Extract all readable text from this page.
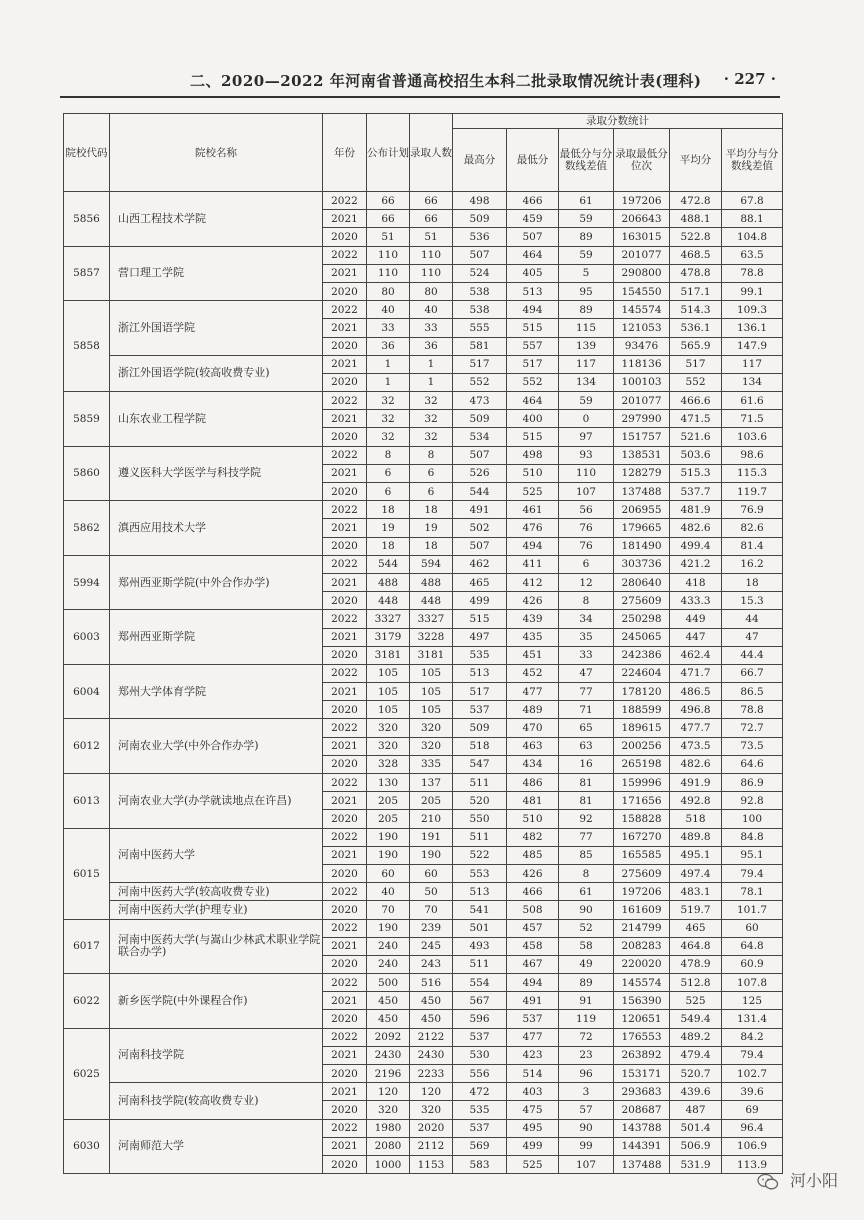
二、2020—2022 年河南省普通高校招生本科二批录取情况统计表(理科) · 227 ·
院校代码	院校名称	年份	公布计划	录取人数	录取分数统计					
					最高分	最低分	最低分与分数线差值	录取最低分位次	平均分	平均分与分数线差值
5856	山西工程技术学院	2022	66	66	498	466	61	197206	472.8	67.8
		2021	66	66	509	459	59	206643	488.1	88.1
		2020	51	51	536	507	89	163015	522.8	104.8
5857	营口理工学院	2022	110	110	507	464	59	201077	468.5	63.5
		2021	110	110	524	405	5	290800	478.8	78.8
		2020	80	80	538	513	95	154550	517.1	99.1
5858	浙江外国语学院	2022	40	40	538	494	89	145574	514.3	109.3
		2021	33	33	555	515	115	121053	536.1	136.1
		2020	36	36	581	557	139	93476	565.9	147.9
	浙江外国语学院(较高收费专业)	2021	1	1	517	517	117	118136	517	117
		2020	1	1	552	552	134	100103	552	134
5859	山东农业工程学院	2022	32	32	473	464	59	201077	466.6	61.6
		2021	32	32	509	400	0	297990	471.5	71.5
		2020	32	32	534	515	97	151757	521.6	103.6
5860	遵义医科大学医学与科技学院	2022	8	8	507	498	93	138531	503.6	98.6
		2021	6	6	526	510	110	128279	515.3	115.3
		2020	6	6	544	525	107	137488	537.7	119.7
5862	滇西应用技术大学	2022	18	18	491	461	56	206955	481.9	76.9
		2021	19	19	502	476	76	179665	482.6	82.6
		2020	18	18	507	494	76	181490	499.4	81.4
5994	郑州西亚斯学院(中外合作办学)	2022	544	594	462	411	6	303736	421.2	16.2
		2021	488	488	465	412	12	280640	418	18
		2020	448	448	499	426	8	275609	433.3	15.3
6003	郑州西亚斯学院	2022	3327	3327	515	439	34	250298	449	44
		2021	3179	3228	497	435	35	245065	447	47
		2020	3181	3181	535	451	33	242386	462.4	44.4
6004	郑州大学体育学院	2022	105	105	513	452	47	224604	471.7	66.7
		2021	105	105	517	477	77	178120	486.5	86.5
		2020	105	105	537	489	71	188599	496.8	78.8
6012	河南农业大学(中外合作办学)	2022	320	320	509	470	65	189615	477.7	72.7
		2021	320	320	518	463	63	200256	473.5	73.5
		2020	328	335	547	434	16	265198	482.6	64.6
6013	河南农业大学(办学就读地点在许昌)	2022	130	137	511	486	81	159996	491.9	86.9
		2021	205	205	520	481	81	171656	492.8	92.8
		2020	205	210	550	510	92	158828	518	100
6015	河南中医药大学	2022	190	191	511	482	77	167270	489.8	84.8
		2021	190	190	522	485	85	165585	495.1	95.1
		2020	60	60	553	426	8	275609	497.4	79.4
	河南中医药大学(较高收费专业)	2022	40	50	513	466	61	197206	483.1	78.1
	河南中医药大学(护理专业)	2020	70	70	541	508	90	161609	519.7	101.7
6017	河南中医药大学(与嵩山少林武术职业学院联合办学)	2022	190	239	501	457	52	214799	465	60
		2021	240	245	493	458	58	208283	464.8	64.8
		2020	240	243	511	467	49	220020	478.9	60.9
6022	新乡医学院(中外课程合作)	2022	500	516	554	494	89	145574	512.8	107.8
		2021	450	450	567	491	91	156390	525	125
		2020	450	450	596	537	119	120651	549.4	131.4
6025	河南科技学院	2022	2092	2122	537	477	72	176553	489.2	84.2
		2021	2430	2430	530	423	23	263892	479.4	79.4
		2020	2196	2233	556	514	96	153171	520.7	102.7
	河南科技学院(较高收费专业)	2021	120	120	472	403	3	293683	439.6	39.6
		2020	320	320	535	475	57	208687	487	69
6030	河南师范大学	2022	1980	2020	537	495	90	143788	501.4	96.4
		2021	2080	2112	569	499	99	144391	506.9	106.9
		2020	1000	1153	583	525	107	137488	531.9	113.9
河小阳
